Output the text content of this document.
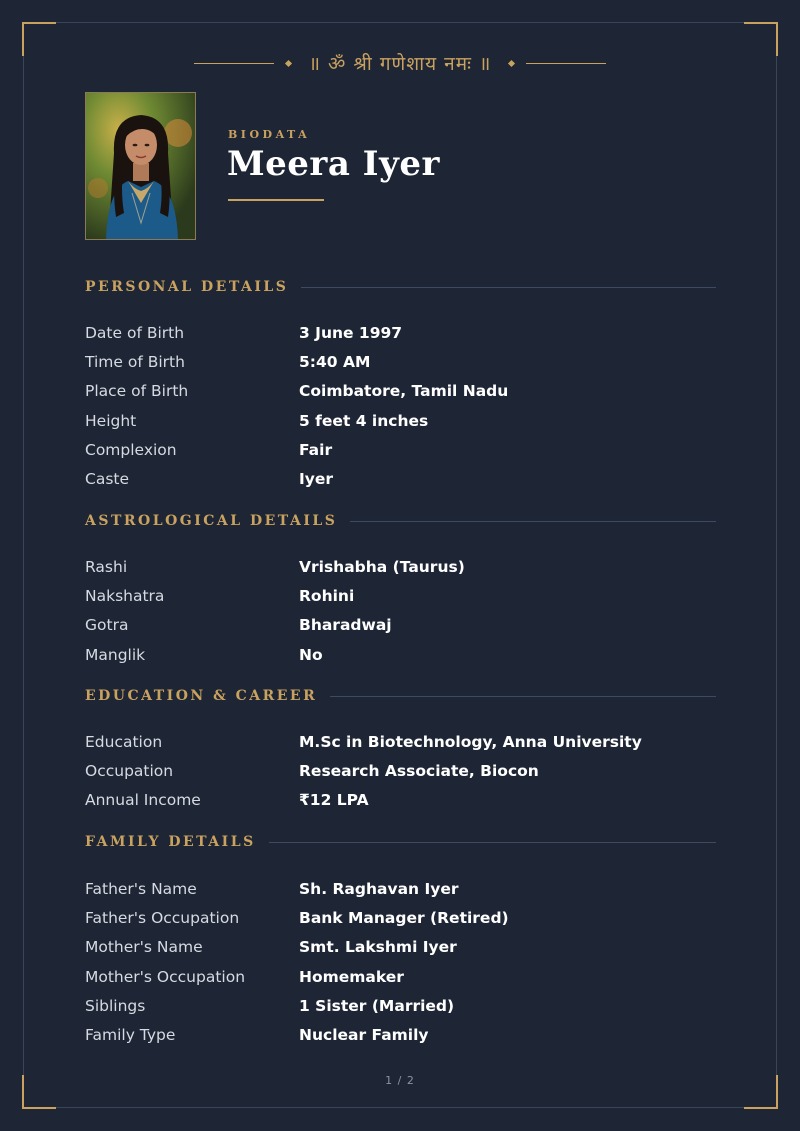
॥ ॐ श्री गणेशाय नमः ॥
BIODATA
Meera Iyer
PERSONAL DETAILS
Date of Birth	3 June 1997
Time of Birth	5:40 AM
Place of Birth	Coimbatore, Tamil Nadu
Height	5 feet 4 inches
Complexion	Fair
Caste	Iyer
ASTROLOGICAL DETAILS
Rashi	Vrishabha (Taurus)
Nakshatra	Rohini
Gotra	Bharadwaj
Manglik	No
EDUCATION & CAREER
Education	M.Sc in Biotechnology, Anna University
Occupation	Research Associate, Biocon
Annual Income	₹12 LPA
FAMILY DETAILS
Father's Name	Sh. Raghavan Iyer
Father's Occupation	Bank Manager (Retired)
Mother's Name	Smt. Lakshmi Iyer
Mother's Occupation	Homemaker
Siblings	1 Sister (Married)
Family Type	Nuclear Family
1 / 2
